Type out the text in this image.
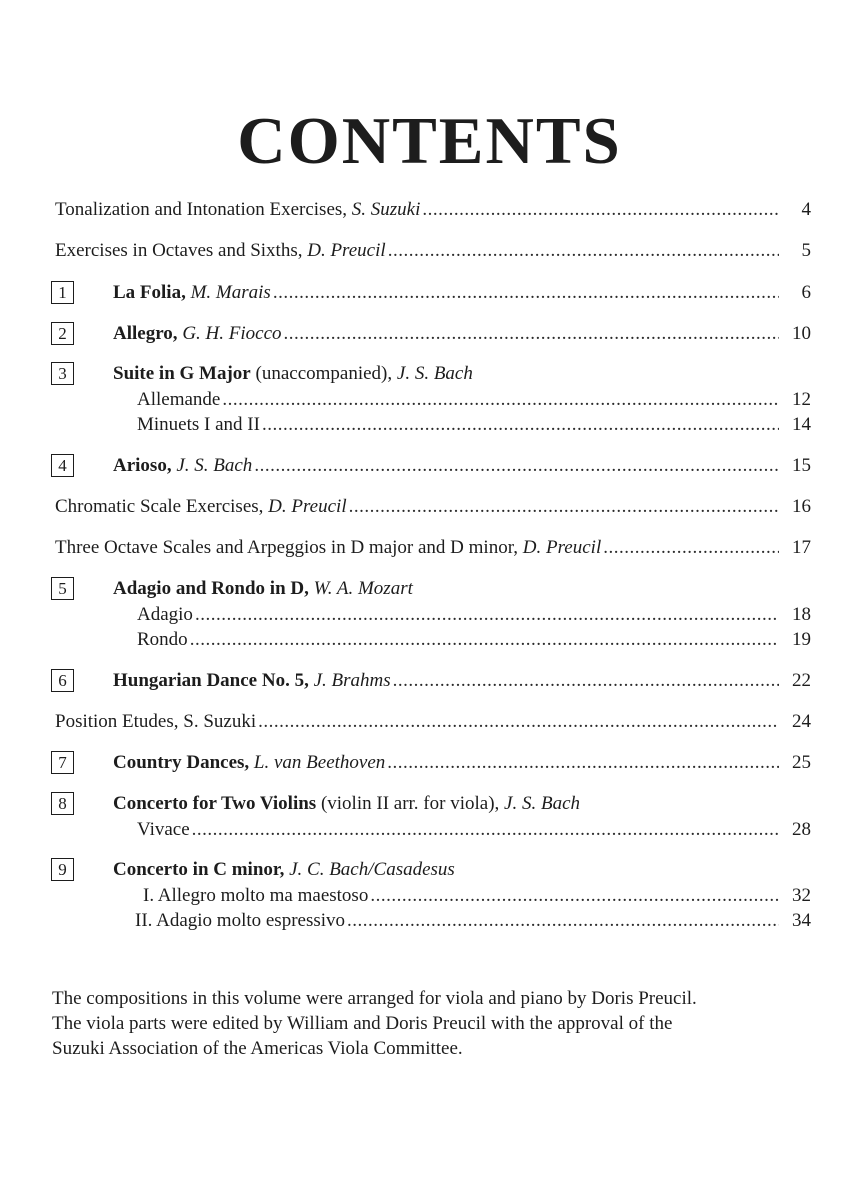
CONTENTS
Tonalization and Intonation Exercises, S. Suzuki .....	4
Exercises in Octaves and Sixths, D. Preucil .....	5
1	La Folia, M. Marais .....	6
2	Allegro, G. H. Fiocco .....	10
3	Suite in G Major (unaccompanied), J. S. Bach
Allemande .....	12
Minuets I and II .....	14
4	Arioso, J. S. Bach .....	15
Chromatic Scale Exercises, D. Preucil .....	16
Three Octave Scales and Arpeggios in D major and D minor, D. Preucil .....	17
5	Adagio and Rondo in D, W. A. Mozart
Adagio .....	18
Rondo .....	19
6	Hungarian Dance No. 5, J. Brahms .....	22
Position Etudes, S. Suzuki .....	24
7	Country Dances, L. van Beethoven .....	25
8	Concerto for Two Violins (violin II arr. for viola), J. S. Bach
Vivace .....	28
9	Concerto in C minor, J. C. Bach/Casadesus
I. Allegro molto ma maestoso .....	32
II. Adagio molto espressivo .....	34
The compositions in this volume were arranged for viola and piano by Doris Preucil.
The viola parts were edited by William and Doris Preucil with the approval of the
Suzuki Association of the Americas Viola Committee.
